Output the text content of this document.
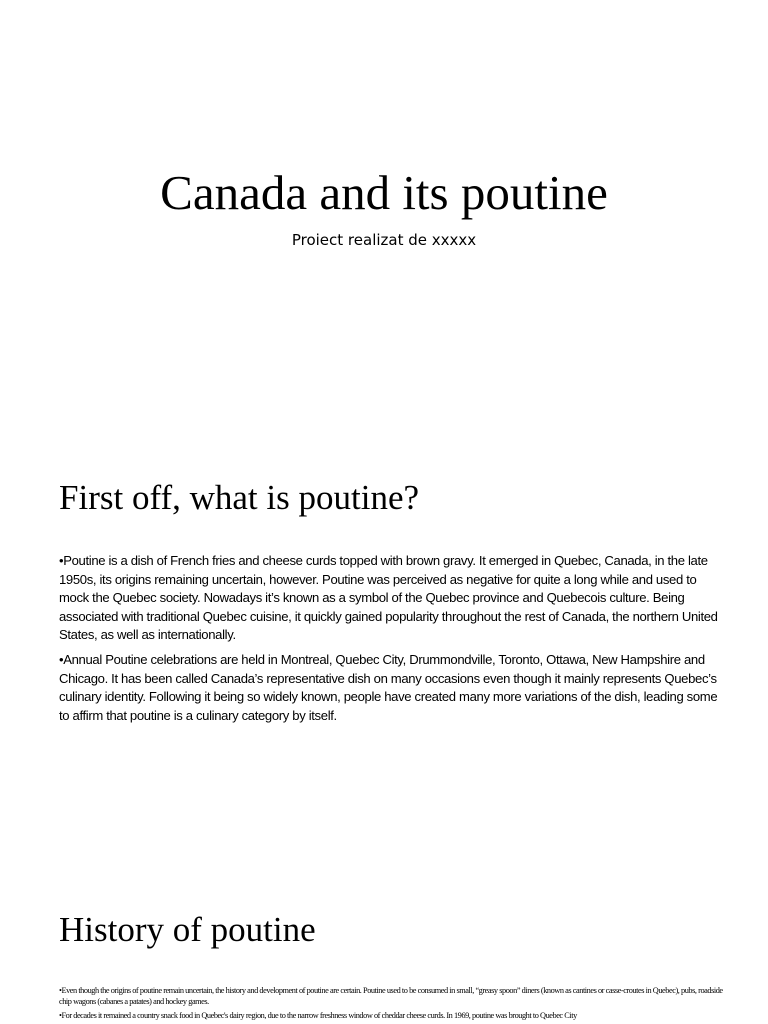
Canada and its poutine

Proiect realizat de xxxxx

First off, what is poutine?

•Poutine is a dish of French fries and cheese curds topped with brown gravy. It emerged in Quebec, Canada, in the late 1950s, its origins remaining uncertain, however. Poutine was perceived as negative for quite a long while and used to mock the Quebec society. Nowadays it’s known as a symbol of the Quebec province and Quebecois culture. Being associated with traditional Quebec cuisine, it quickly gained popularity throughout the rest of Canada, the northern United States, as well as internationally.

•Annual Poutine celebrations are held in Montreal, Quebec City, Drummondville, Toronto, Ottawa, New Hampshire and Chicago. It has been called Canada’s representative dish on many occasions even though it mainly represents Quebec’s culinary identity. Following it being so widely known, people have created many more variations of the dish, leading some to affirm that poutine is a culinary category by itself.

History of poutine

•Even though the origins of poutine remain uncertain, the history and development of poutine are certain. Poutine used to be consumed in small, “greasy spoon” diners (known as cantines or casse-croutes in Quebec), pubs, roadside chip wagons (cabanes a patates) and hockey games.

•For decades it remained a country snack food in Quebec's dairy region, due to the narrow freshness window of cheddar cheese curds. In 1969, poutine was brought to Quebec City
